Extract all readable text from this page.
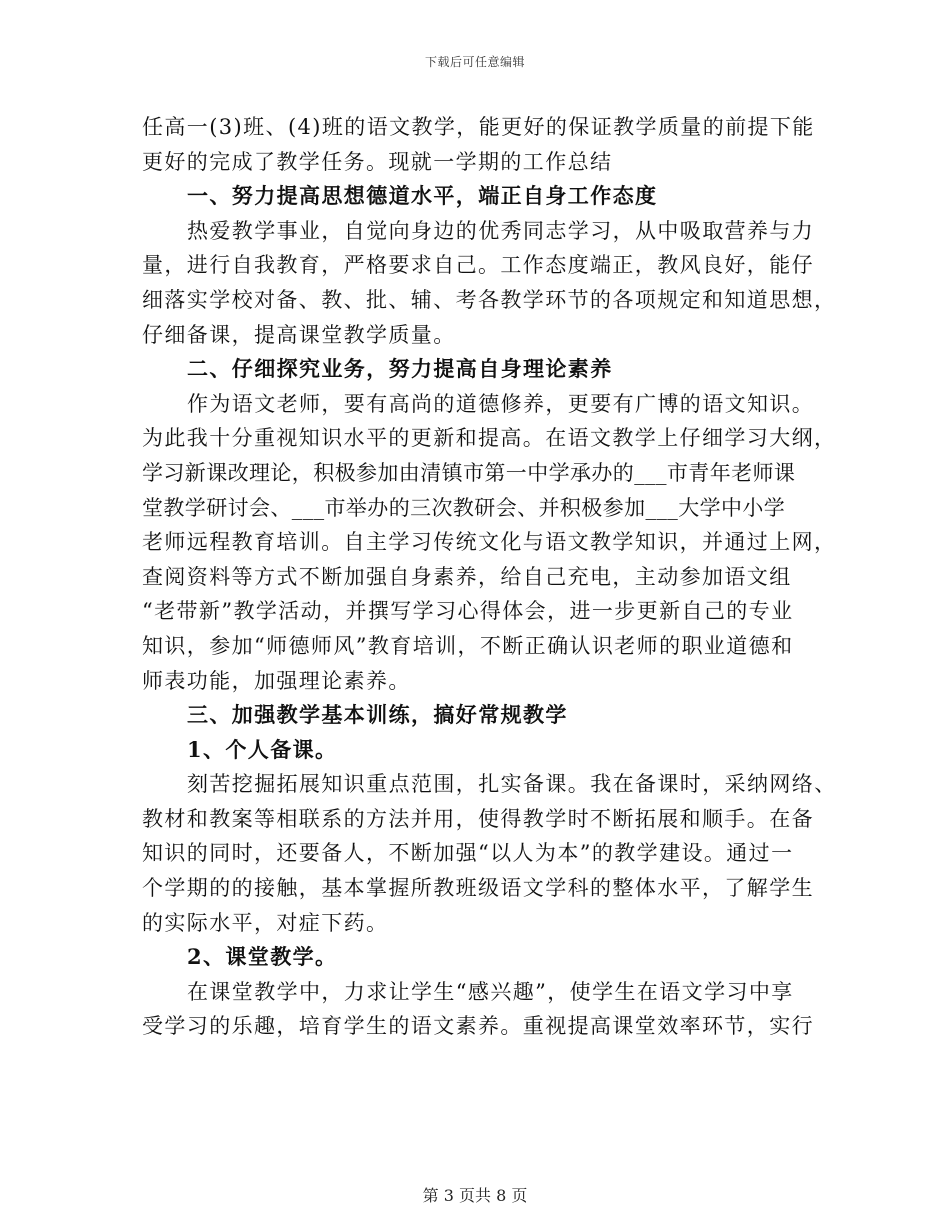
下载后可任意编辑
任高一(3)班、(4)班的语文教学，能更好的保证教学质量的前提下能
更好的完成了教学任务。现就一学期的工作总结
一、努力提高思想德道水平，端正自身工作态度
热爱教学事业，自觉向身边的优秀同志学习，从中吸取营养与力
量，进行自我教育，严格要求自己。工作态度端正，教风良好，能仔
细落实学校对备、教、批、辅、考各教学环节的各项规定和知道思想，
仔细备课，提高课堂教学质量。
二、仔细探究业务，努力提高自身理论素养
作为语文老师，要有高尚的道德修养，更要有广博的语文知识。
为此我十分重视知识水平的更新和提高。在语文教学上仔细学习大纲，
学习新课改理论，积极参加由清镇市第一中学承办的___市青年老师课
堂教学研讨会、___市举办的三次教研会、并积极参加___大学中小学
老师远程教育培训。自主学习传统文化与语文教学知识，并通过上网，
查阅资料等方式不断加强自身素养，给自己充电，主动参加语文组
“老带新”教学活动，并撰写学习心得体会，进一步更新自己的专业
知识，参加“师德师风”教育培训，不断正确认识老师的职业道德和
师表功能，加强理论素养。
三、加强教学基本训练，搞好常规教学
1、个人备课。
刻苦挖掘拓展知识重点范围，扎实备课。我在备课时，采纳网络、
教材和教案等相联系的方法并用，使得教学时不断拓展和顺手。在备
知识的同时，还要备人，不断加强“以人为本”的教学建设。通过一
个学期的的接触，基本掌握所教班级语文学科的整体水平，了解学生
的实际水平，对症下药。
2、课堂教学。
在课堂教学中，力求让学生“感兴趣”，使学生在语文学习中享
受学习的乐趣，培育学生的语文素养。重视提高课堂效率环节，实行
第 3 页共 8 页
